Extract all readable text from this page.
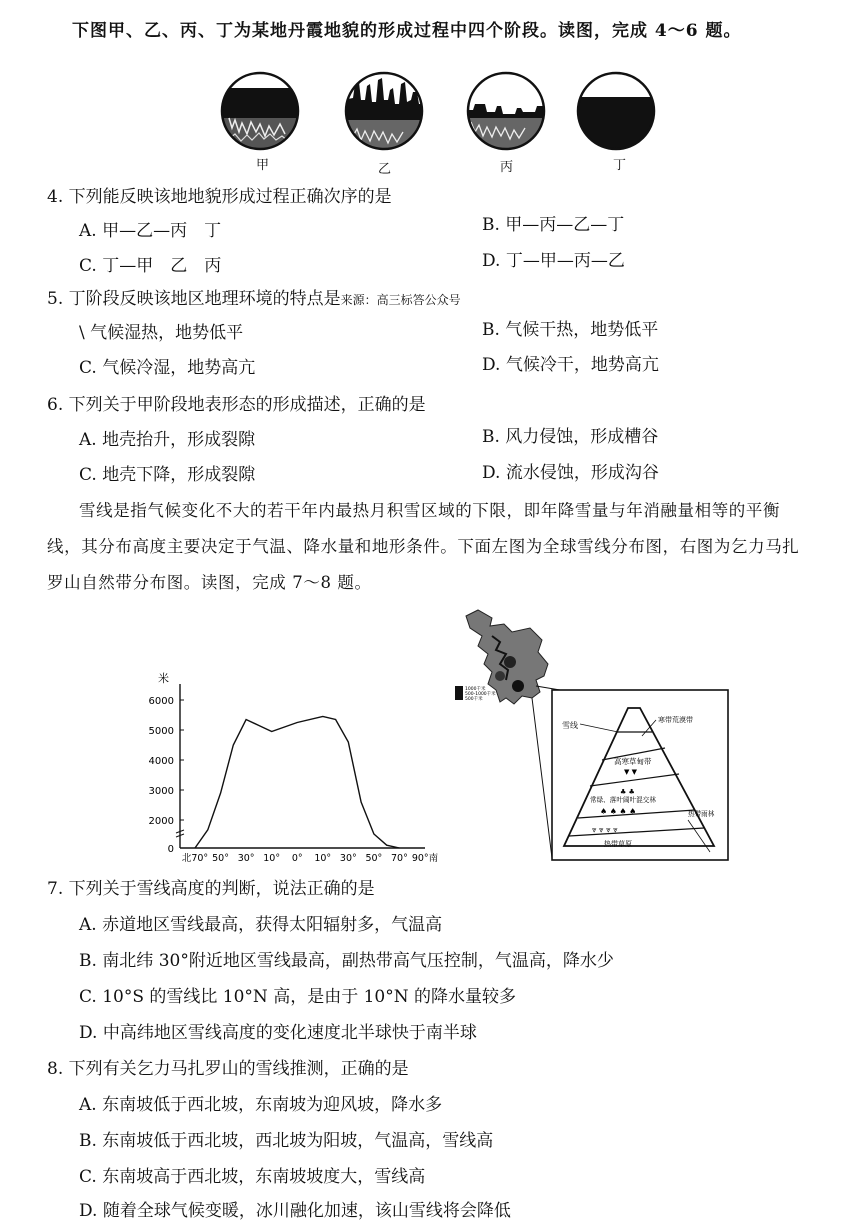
下图甲、乙、丙、丁为某地丹霞地貌的形成过程中四个阶段。读图，完成 4～6 题。
甲	乙	丙	丁
4. 下列能反映该地地貌形成过程正确次序的是
A. 甲—乙—丙　丁	B. 甲—丙—乙—丁
C. 丁—甲　乙　丙	D. 丁—甲—丙—乙
5. 丁阶段反映该地区地理环境的特点是来源：高三标答公众号
\ 气候湿热，地势低平	B. 气候干热，地势低平
C. 气候冷湿，地势高亢	D. 气候冷干，地势高亢
6. 下列关于甲阶段地表形态的形成描述，正确的是
A. 地壳抬升，形成裂隙	B. 风力侵蚀，形成槽谷
C. 地壳下降，形成裂隙	D. 流水侵蚀，形成沟谷
雪线是指气候变化不大的若干年内最热月积雪区域的下限，即年降雪量与年消融量相等的平衡
线，其分布高度主要决定于气温、降水量和地形条件。下面左图为全球雪线分布图，右图为乞力马扎
罗山自然带分布图。读图，完成 7～8 题。
米
0
2000
3000
4000
5000
6000
北70° 50° 30° 10° 0° 10° 30° 50° 70° 90°南
1000千米
500-1000千米
500千米
雪线
寒带荒漠带
高寒草甸带
▼ ▼
♣ ♣
常绿、落叶阔叶混交林
♠ ♠ ♠ ♠	热带雨林
⩔ ⩔ ⩔ ⩔
热带草原
7. 下列关于雪线高度的判断，说法正确的是
A. 赤道地区雪线最高，获得太阳辐射多，气温高
B. 南北纬 30°附近地区雪线最高，副热带高气压控制，气温高，降水少
C. 10°S 的雪线比 10°N 高，是由于 10°N 的降水量较多
D. 中高纬地区雪线高度的变化速度北半球快于南半球
8. 下列有关乞力马扎罗山的雪线推测，正确的是
A. 东南坡低于西北坡，东南坡为迎风坡，降水多
B. 东南坡低于西北坡，西北坡为阳坡，气温高，雪线高
C. 东南坡高于西北坡，东南坡坡度大，雪线高
D. 随着全球气候变暖，冰川融化加速，该山雪线将会降低
